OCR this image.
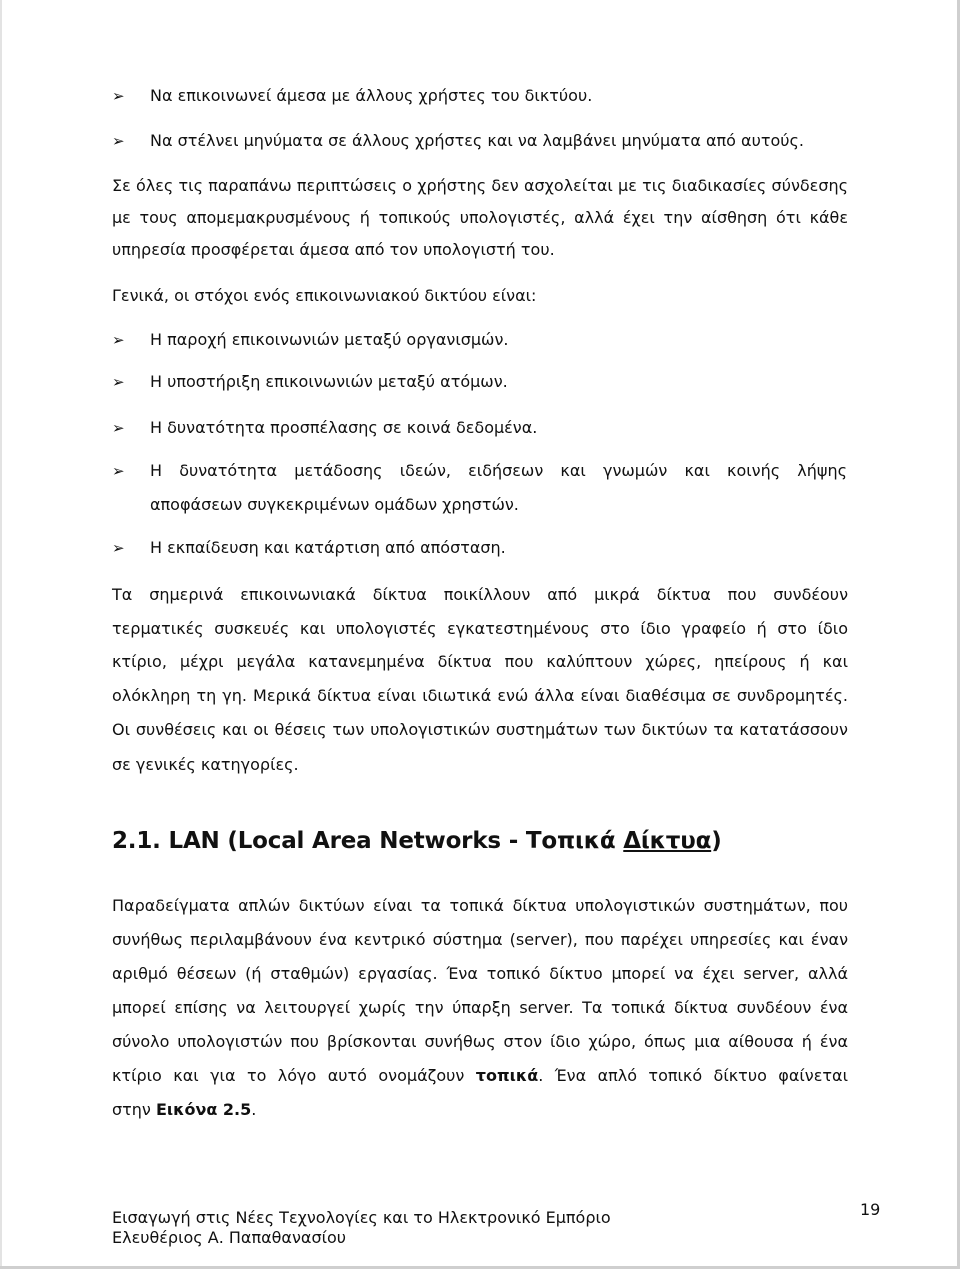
➢ Να επικοινωνεί άμεσα με άλλους χρήστες του δικτύου.
➢ Να στέλνει μηνύματα σε άλλους χρήστες και να λαμβάνει μηνύματα από αυτούς.
Σε όλες τις παραπάνω περιπτώσεις ο χρήστης δεν ασχολείται με τις διαδικασίες σύνδεσης
με τους απομεμακρυσμένους ή τοπικούς υπολογιστές, αλλά έχει την αίσθηση ότι κάθε
υπηρεσία προσφέρεται άμεσα από τον υπολογιστή του.
Γενικά, οι στόχοι ενός επικοινωνιακού δικτύου είναι:
➢ Η παροχή επικοινωνιών μεταξύ οργανισμών.
➢ Η υποστήριξη επικοινωνιών μεταξύ ατόμων.
➢ Η δυνατότητα προσπέλασης σε κοινά δεδομένα.
➢ Η δυνατότητα μετάδοσης ιδεών, ειδήσεων και γνωμών και κοινής λήψης
αποφάσεων συγκεκριμένων ομάδων χρηστών.
➢ Η εκπαίδευση και κατάρτιση από απόσταση.
Τα σημερινά επικοινωνιακά δίκτυα ποικίλλουν από μικρά δίκτυα που συνδέουν
τερματικές συσκευές και υπολογιστές εγκατεστημένους στο ίδιο γραφείο ή στο ίδιο
κτίριο, μέχρι μεγάλα κατανεμημένα δίκτυα που καλύπτουν χώρες, ηπείρους ή και
ολόκληρη τη γη. Μερικά δίκτυα είναι ιδιωτικά ενώ άλλα είναι διαθέσιμα σε συνδρομητές.
Οι συνθέσεις και οι θέσεις των υπολογιστικών συστημάτων των δικτύων τα κατατάσσουν
σε γενικές κατηγορίες.
2.1. LAN (Local Area Networks - Τοπικά Δίκτυα)
Παραδείγματα απλών δικτύων είναι τα τοπικά δίκτυα υπολογιστικών συστημάτων, που
συνήθως περιλαμβάνουν ένα κεντρικό σύστημα (server), που παρέχει υπηρεσίες και έναν
αριθμό θέσεων (ή σταθμών) εργασίας. Ένα τοπικό δίκτυο μπορεί να έχει server, αλλά
μπορεί επίσης να λειτουργεί χωρίς την ύπαρξη server. Τα τοπικά δίκτυα συνδέουν ένα
σύνολο υπολογιστών που βρίσκονται συνήθως στον ίδιο χώρο, όπως μια αίθουσα ή ένα
κτίριο και για το λόγο αυτό ονομάζουν τοπικά. Ένα απλό τοπικό δίκτυο φαίνεται
στην Εικόνα 2.5.
Εισαγωγή στις Νέες Τεχνολογίες και το Ηλεκτρονικό Εμπόριο
Ελευθέριος Α. Παπαθανασίου
19
